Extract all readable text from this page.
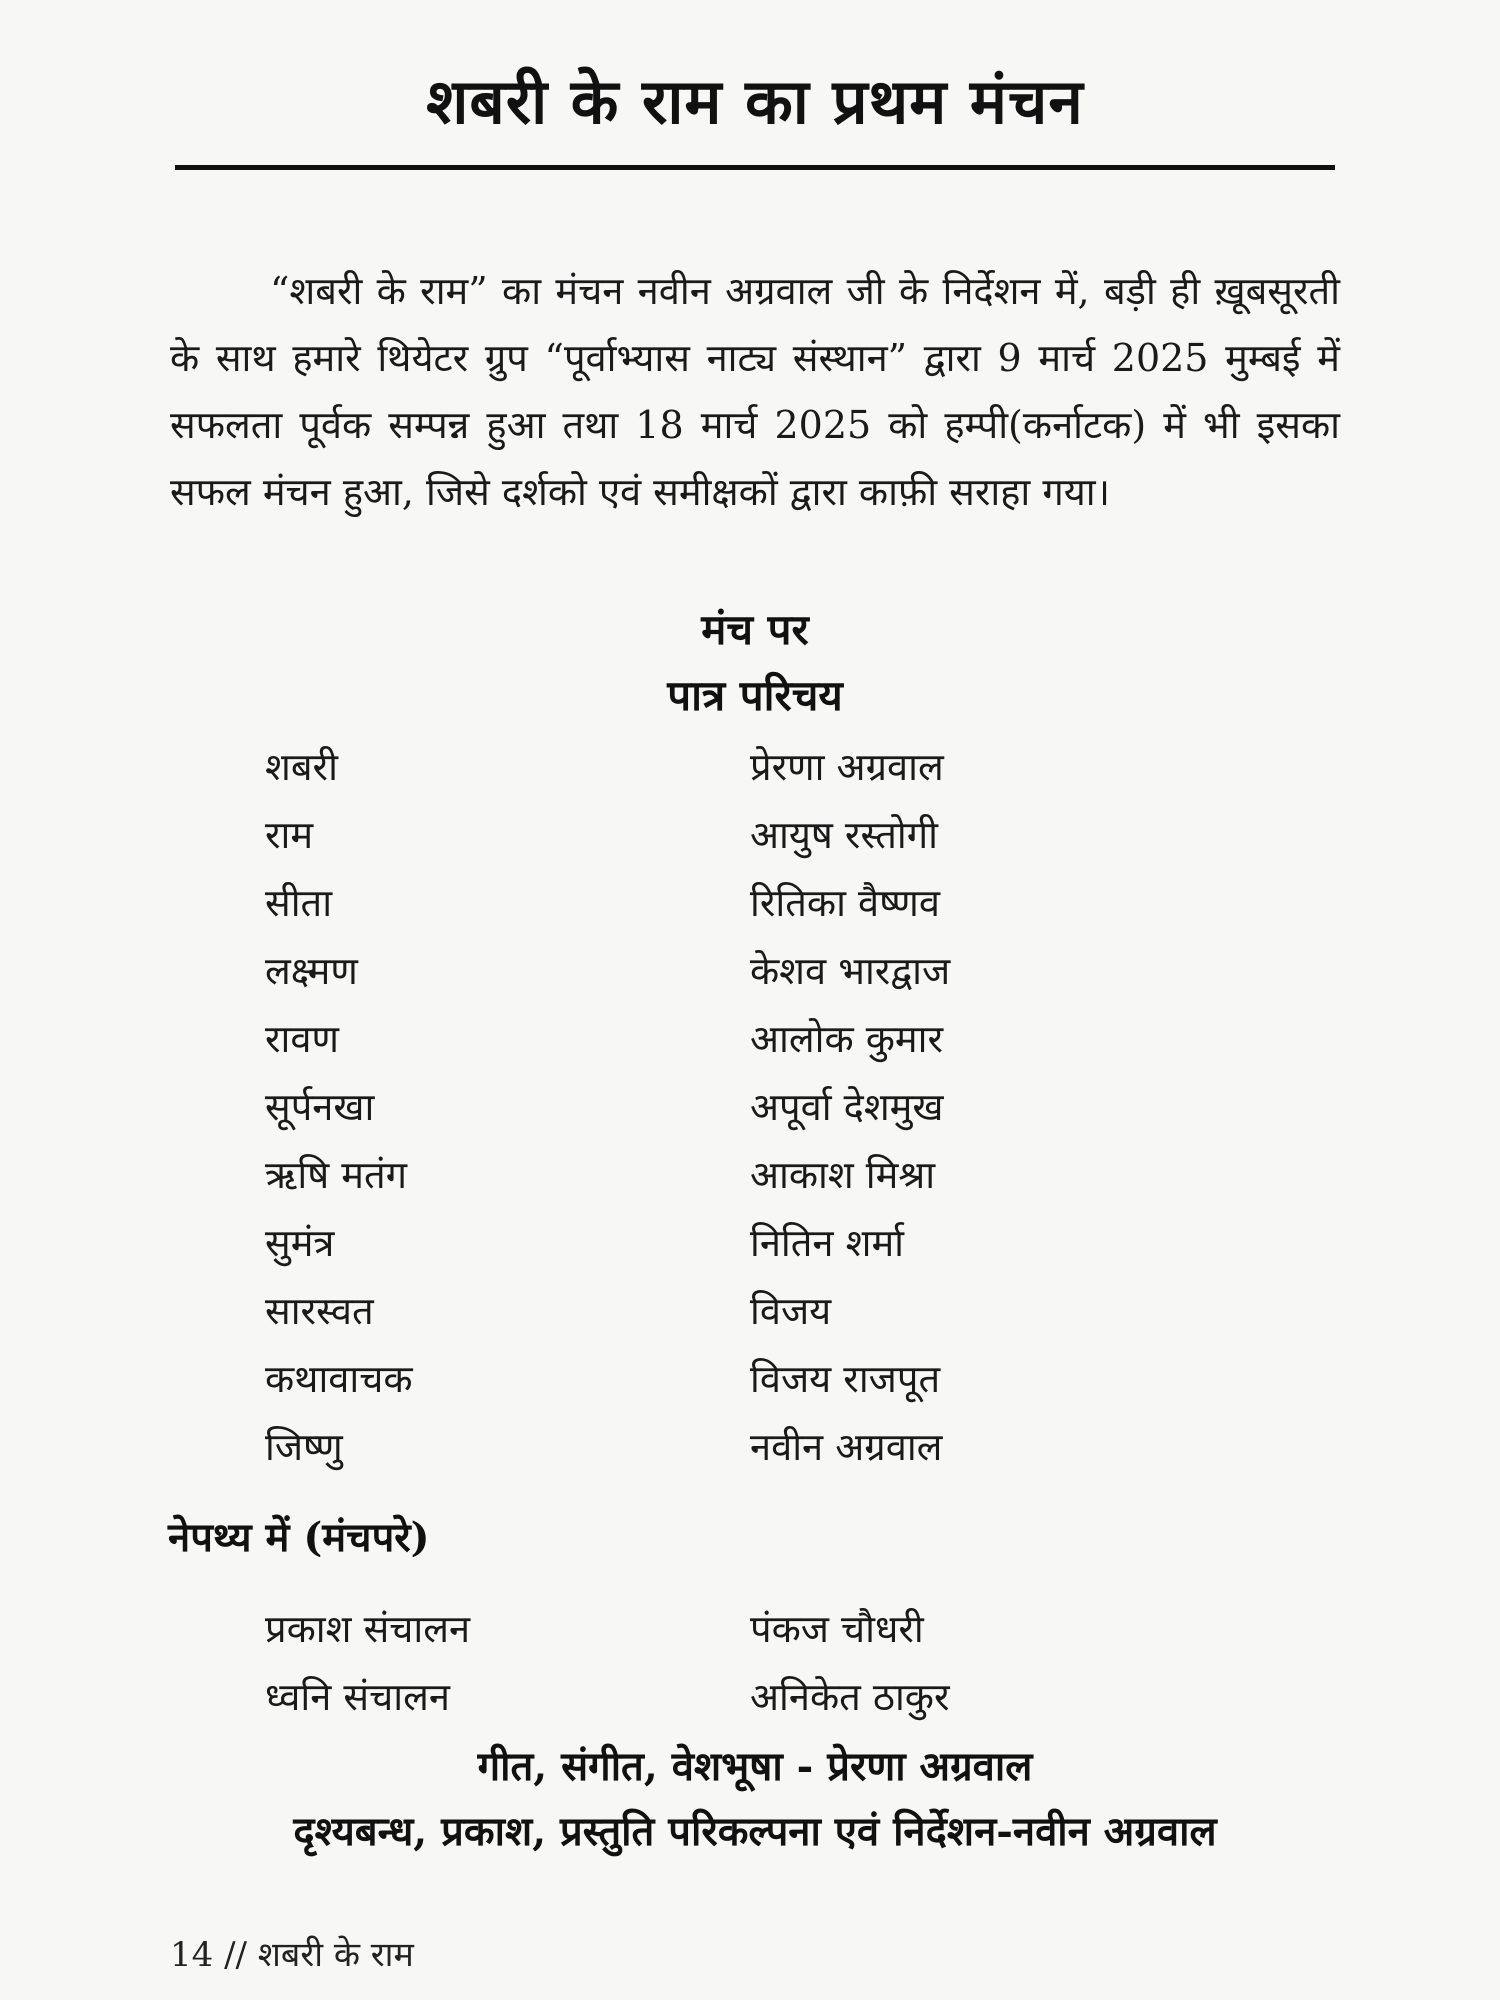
शबरी के राम का प्रथम मंचन

“शबरी के राम” का मंचन नवीन अग्रवाल जी के निर्देशन में, बड़ी ही ख़ूबसूरती के साथ हमारे थियेटर ग्रुप “पूर्वाभ्यास नाट्य संस्थान” द्वारा 9 मार्च 2025 मुम्बई में सफलता पूर्वक सम्पन्न हुआ तथा 18 मार्च 2025 को हम्पी(कर्नाटक) में भी इसका सफल मंचन हुआ, जिसे दर्शको एवं समीक्षकों द्वारा काफ़ी सराहा गया।

मंच पर
पात्र परिचय
शबरी	प्रेरणा अग्रवाल
राम	आयुष रस्तोगी
सीता	रितिका वैष्णव
लक्ष्मण	केशव भारद्वाज
रावण	आलोक कुमार
सूर्पनखा	अपूर्वा देशमुख
ऋषि मतंग	आकाश मिश्रा
सुमंत्र	नितिन शर्मा
सारस्वत	विजय
कथावाचक	विजय राजपूत
जिष्णु	नवीन अग्रवाल
नेपथ्य में (मंचपरे)
प्रकाश संचालन	पंकज चौधरी
ध्वनि संचालन	अनिकेत ठाकुर
गीत, संगीत, वेशभूषा - प्रेरणा अग्रवाल
दृश्यबन्ध, प्रकाश, प्रस्तुति परिकल्पना एवं निर्देशन-नवीन अग्रवाल
14 // शबरी के राम
